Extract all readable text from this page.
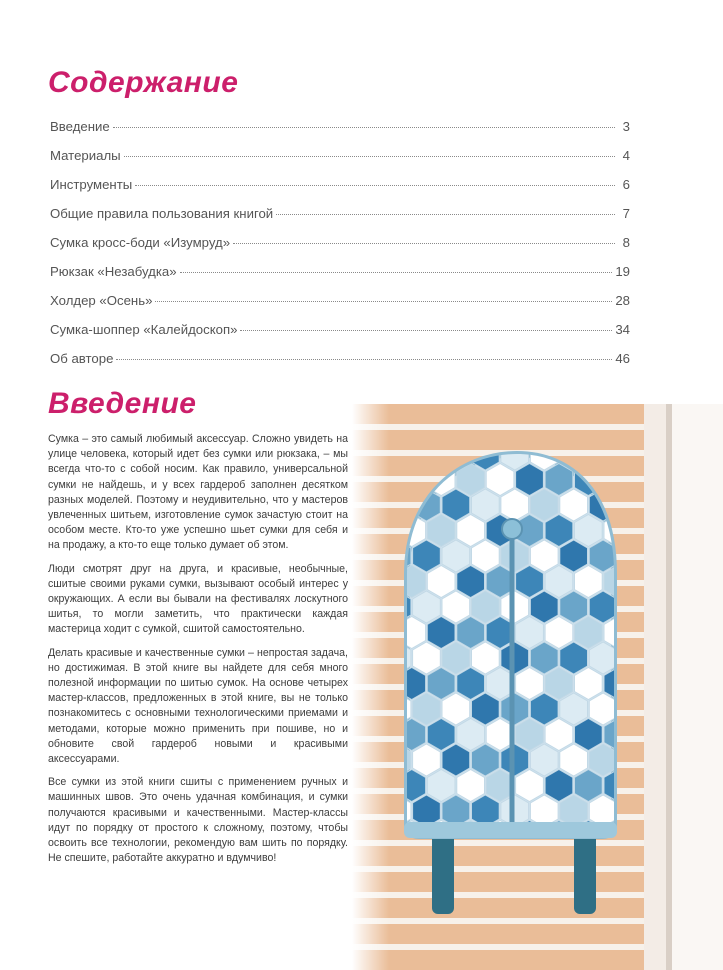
Содержание
Введение	3
Материалы	4
Инструменты	6
Общие правила пользования книгой	7
Сумка кросс-боди «Изумруд»	8
Рюкзак «Незабудка»	19
Холдер «Осень»	28
Сумка-шоппер «Калейдоскоп»	34
Об авторе	46
Введение

Сумка – это самый любимый аксессуар. Сложно увидеть на улице человека, который идет без сумки или рюкзака, – мы всегда что-то с собой носим. Как правило, универсальной сумки не найдешь, и у всех гардероб заполнен десятком разных моделей. Поэтому и неудивительно, что у мастеров увлеченных шитьем, изготовление сумок зачастую стоит на особом месте. Кто-то уже успешно шьет сумки для себя и на продажу, а кто-то еще только думает об этом.

Люди смотрят друг на друга, и красивые, необычные, сшитые своими руками сумки, вызывают особый интерес у окружающих. А если вы бывали на фестивалях лоскутного шитья, то могли заметить, что практически каждая мастерица ходит с сумкой, сшитой самостоятельно.

Делать красивые и качественные сумки – непростая задача, но достижимая. В этой книге вы найдете для себя много полезной информации по шитью сумок. На основе четырех мастер-классов, предложенных в этой книге, вы не только познакомитесь с основными технологическими приемами и методами, которые можно применить при пошиве, но и обновите свой гардероб новыми и красивыми аксессуарами.

Все сумки из этой книги сшиты с применением ручных и машинных швов. Это очень удачная комбинация, и сумки получаются красивыми и качественными. Мастер-классы идут по порядку от простого к сложному, поэтому, чтобы освоить все технологии, рекомендую вам шить по порядку. Не спешите, работайте аккуратно и вдумчиво!
